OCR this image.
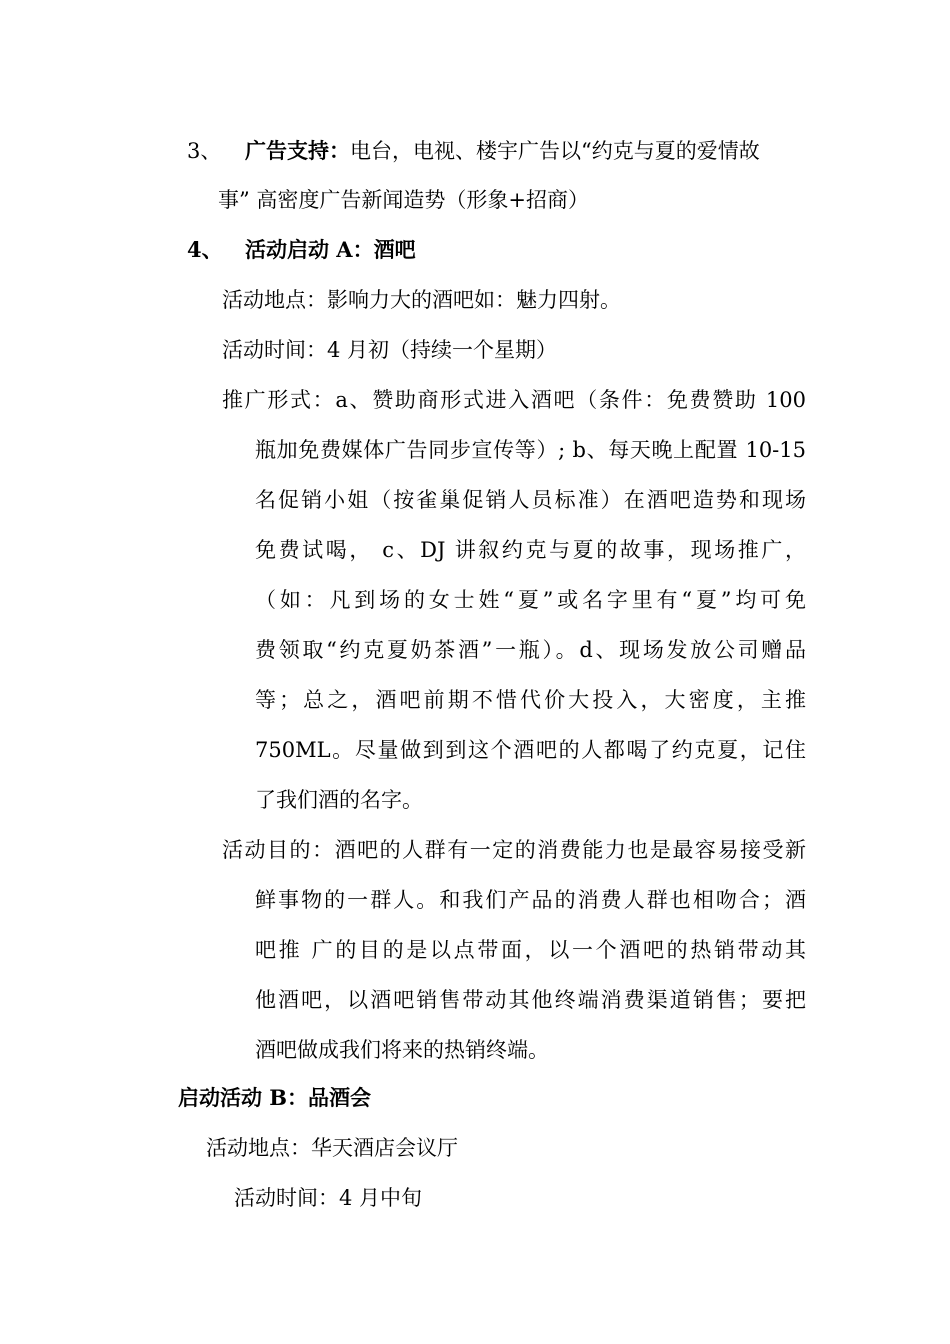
3、 广告支持：电台，电视、楼宇广告以“约克与夏的爱情故
事” 高密度广告新闻造势（形象+招商）
4、 活动启动 A：酒吧
活动地点：影响力大的酒吧如：魅力四射。
活动时间：4 月初（持续一个星期）
推广形式：a、赞助商形式进入酒吧（条件：免费赞助 100
瓶加免费媒体广告同步宣传等）; b、每天晚上配置 10-15
名促销小姐（按雀巢促销人员标准）在酒吧造势和现场
免费试喝， c、DJ 讲叙约克与夏的故事，现场推广，
（如：凡到场的女士姓“夏”或名字里有“夏”均可免
费领取“约克夏奶茶酒”一瓶）。d、现场发放公司赠品
等；总之，酒吧前期不惜代价大投入，大密度，主推
750ML。尽量做到到这个酒吧的人都喝了约克夏，记住
了我们酒的名字。
活动目的：酒吧的人群有一定的消费能力也是最容易接受新
鲜事物的一群人。和我们产品的消费人群也相吻合；酒
吧推 广的目的是以点带面，以一个酒吧的热销带动其
他酒吧，以酒吧销售带动其他终端消费渠道销售；要把
酒吧做成我们将来的热销终端。
启动活动 B：品酒会
活动地点：华天酒店会议厅
活动时间：4 月中旬
